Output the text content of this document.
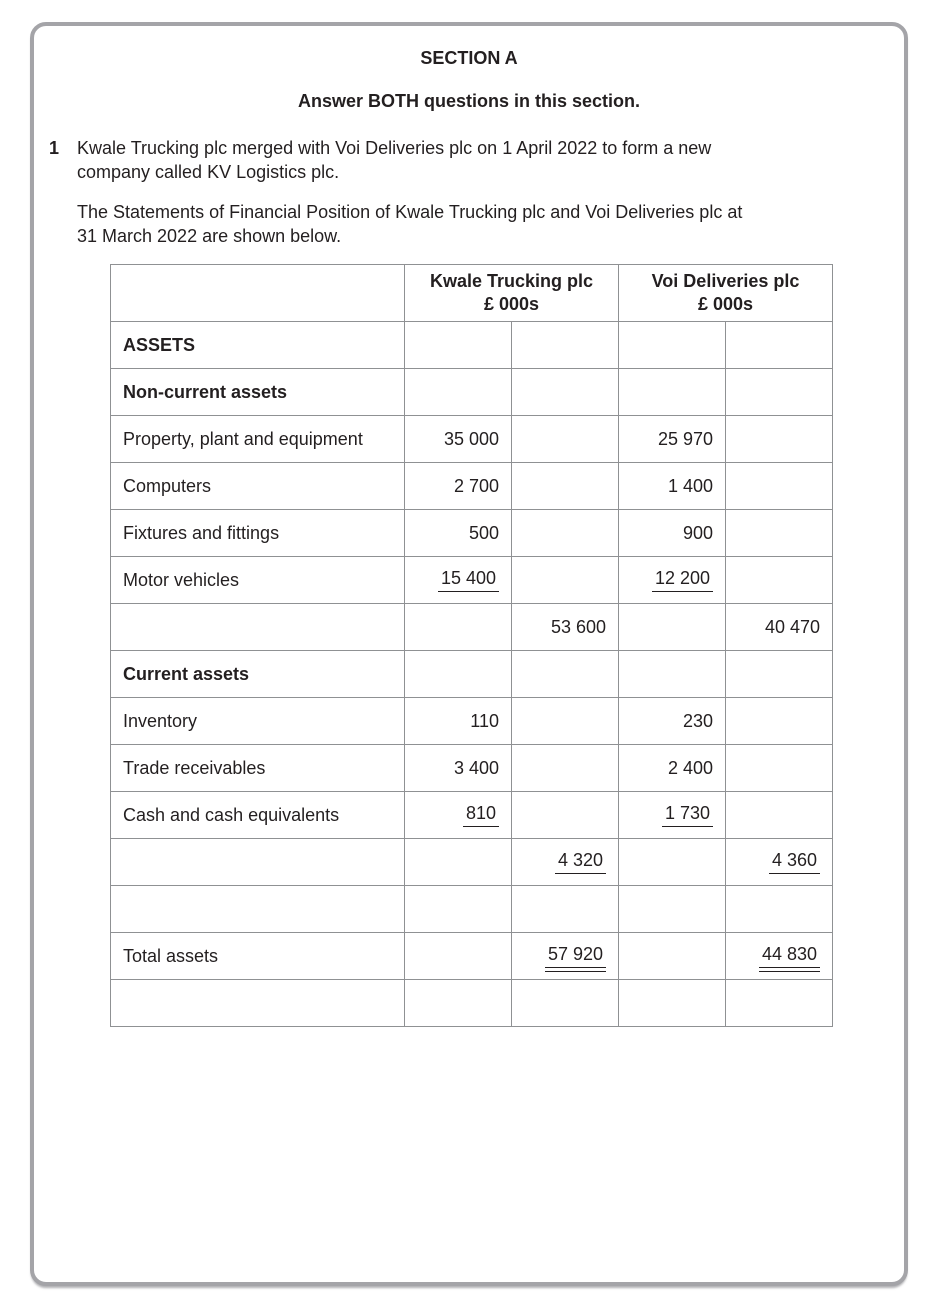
SECTION A
Answer BOTH questions in this section.
1 Kwale Trucking plc merged with Voi Deliveries plc on 1 April 2022 to form a new
company called KV Logistics plc.
The Statements of Financial Position of Kwale Trucking plc and Voi Deliveries plc at
31 March 2022 are shown below.

Kwale Trucking plc
£ 000s

Voi Deliveries plc
£ 000s

ASSETS				
Non-current assets				
Property, plant and equipment	35 000		25 970	
Computers	2 700		1 400	
Fixtures and fittings	500		900	
Motor vehicles	15 400		12 200	
		53 600		40 470
Current assets				
Inventory	110		230	
Trade receivables	3 400		2 400	
Cash and cash equivalents	810		1 730	
		4 320		4 360

Total assets		57 920		44 830
